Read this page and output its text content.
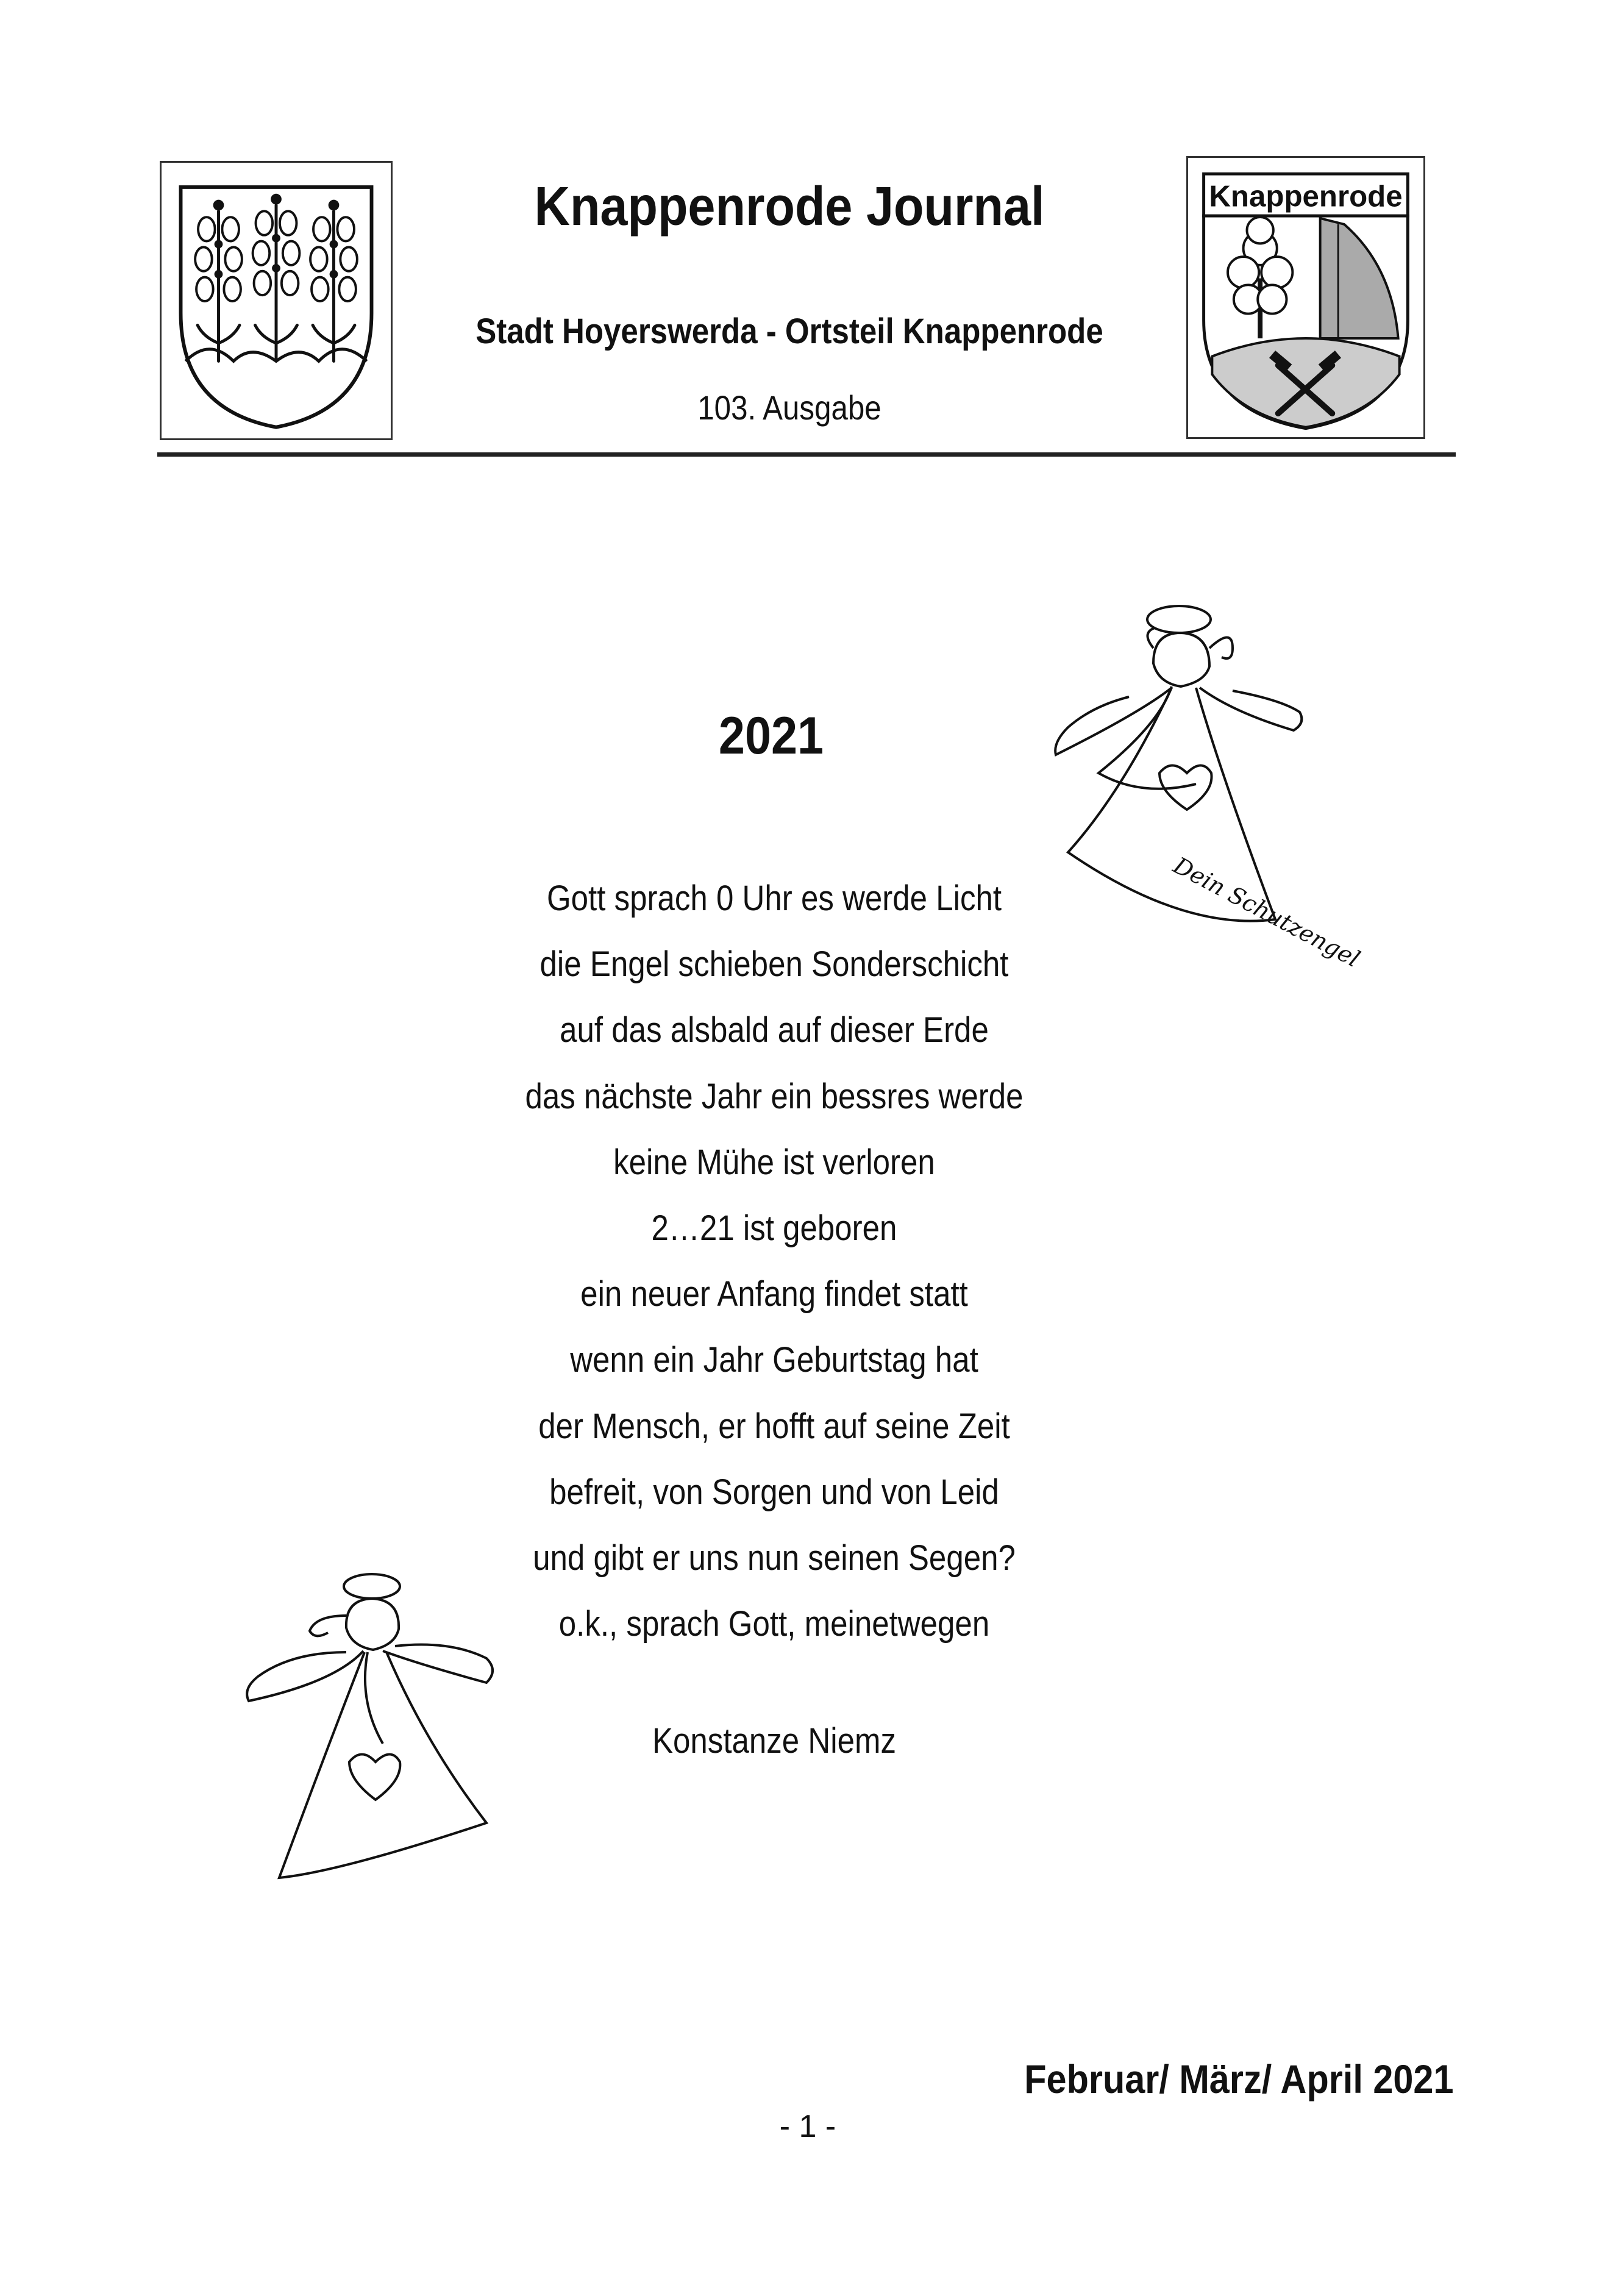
Knappenrode
Knappenrode Journal
Stadt Hoyerswerda - Ortsteil Knappenrode
103. Ausgabe
Dein Schutzengel
2021
Gott sprach 0 Uhr es werde Licht
die Engel schieben Sonderschicht
auf das alsbald auf dieser Erde
das nächste Jahr ein bessres werde
keine Mühe ist verloren
2…21 ist geboren
ein neuer Anfang findet statt
wenn ein Jahr Geburtstag hat
der Mensch, er hofft auf seine Zeit
befreit, von Sorgen und von Leid
und gibt er uns nun seinen Segen?
o.k., sprach Gott, meinetwegen
Konstanze Niemz
Februar/ März/ April 2021
- 1 -
